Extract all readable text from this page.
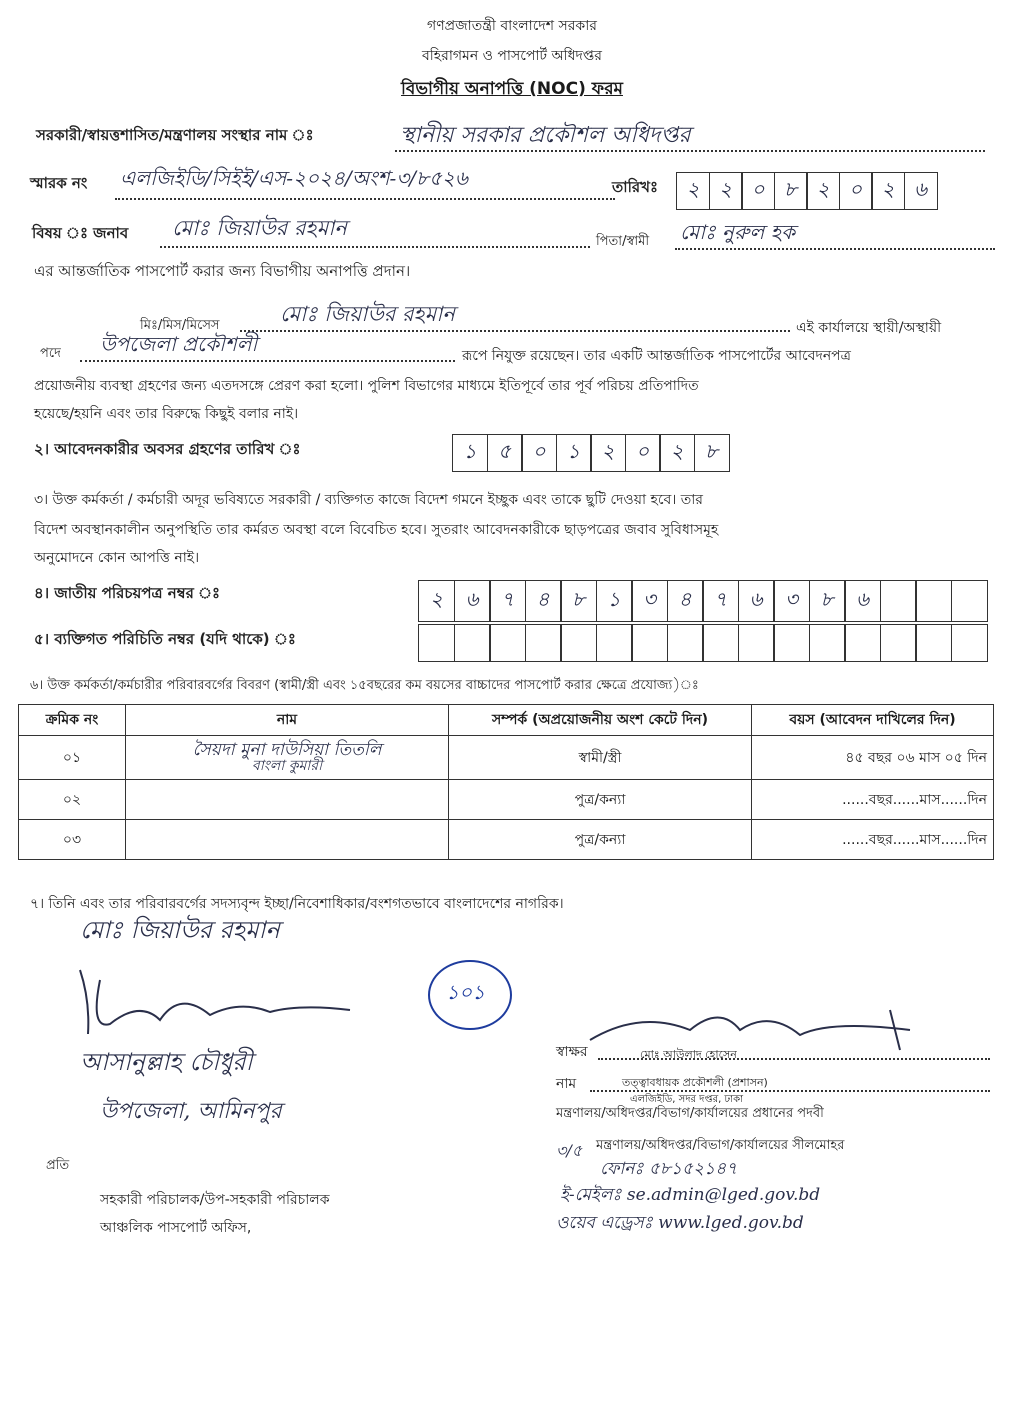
গণপ্রজাতন্ত্রী বাংলাদেশ সরকার
বহিরাগমন ও পাসপোর্ট অধিদপ্তর
বিভাগীয় অনাপত্তি (NOC) ফরম
সরকারী/স্বায়ত্তশাসিত/মন্ত্রণালয় সংস্থার নাম ঃ	স্থানীয় সরকার প্রকৌশল অধিদপ্তর
স্মারক নং এলজিইডি/সিইই/এস-২০২৪/অংশ-৩/৮৫২৬	তারিখঃ	২ ২ ০ ৮ ২ ০ ২ ৬
বিষয় ঃ জনাব মোঃ জিয়াউর রহমান
পিতা/স্বামী মোঃ নুরুল হক
এর আন্তর্জাতিক পাসপোর্ট করার জন্য বিভাগীয় অনাপত্তি প্রদান।
মিঃ/মিস/মিসেস	মোঃ জিয়াউর রহমান
এই কার্যালয়ে স্থায়ী/অস্থায়ী
পদে উপজেলা প্রকৌশলী	রূপে নিযুক্ত রয়েছেন। তার একটি আন্তর্জাতিক পাসপোর্টের আবেদনপত্র
প্রয়োজনীয় ব্যবস্থা গ্রহণের জন্য এতদসঙ্গে প্রেরণ করা হলো। পুলিশ বিভাগের মাধ্যমে ইতিপূর্বে তার পূর্ব পরিচয় প্রতিপাদিত
হয়েছে/হয়নি এবং তার বিরুদ্ধে কিছুই বলার নাই।
২। আবেদনকারীর অবসর গ্রহণের তারিখ ঃ	১	৫	০	১	২	০	২	৮
৩। উক্ত কর্মকর্তা / কর্মচারী অদূর ভবিষ্যতে সরকারী / ব্যক্তিগত কাজে বিদেশ গমনে ইচ্ছুক এবং তাকে ছুটি দেওয়া হবে। তার
বিদেশ অবস্থানকালীন অনুপস্থিতি তার কর্মরত অবস্থা বলে বিবেচিত হবে। সুতরাং আবেদনকারীকে ছাড়পত্রের জবাব সুবিধাসমূহ
অনুমোদনে কোন আপত্তি নাই।
৪। জাতীয় পরিচয়পত্র নম্বর ঃ	২	৬	৭	৪	৮	১	৩	৪	৭	৬	৩	৮	৬
৫। ব্যক্তিগত পরিচিতি নম্বর (যদি থাকে) ঃ
৬। উক্ত কর্মকর্তা/কর্মচারীর পরিবারবর্গের বিবরণ (স্বামী/স্ত্রী এবং ১৫বছরের কম বয়সের বাচ্চাদের পাসপোর্ট করার ক্ষেত্রে প্রযোজ্য)ঃ
ক্রমিক নং	নাম	সম্পর্ক (অপ্রয়োজনীয় অংশ কেটে দিন)	বয়স (আবেদন দাখিলের দিন)
০১	সৈয়দা মুনা দাউসিয়া তিতলি
বাংলা কুমারী	স্বামী/স্ত্রী	৪৫ বছর ০৬ মাস ০৫ দিন
০২		পুত্র/কন্যা	......বছর......মাস......দিন
০৩		পুত্র/কন্যা	......বছর......মাস......দিন
৭। তিনি এবং তার পরিবারবর্গের সদস্যবৃন্দ ইচ্ছা/নিবেশাধিকার/বংশগতভাবে বাংলাদেশের নাগরিক।
মোঃ জিয়াউর রহমান
১০১
আসানুল্লাহ চৌধুরী
উপজেলা, আমিনপুর
প্রতি
সহকারী পরিচালক/উপ-সহকারী পরিচালক
আঞ্চলিক পাসপোর্ট অফিস,
স্বাক্ষর	মোঃ আউলাদ হোসেন
নাম	তত্ত্বাবধায়ক প্রকৌশলী (প্রশাসন)
এলজিইডি, সদর দপ্তর, ঢাকা
মন্ত্রণালয়/অধিদপ্তর/বিভাগ/কার্যালয়ের প্রধানের পদবী
৩/৫ মন্ত্রণালয়/অধিদপ্তর/বিভাগ/কার্যালয়ের সীলমোহর
ফোনঃ ৫৮১৫২১৪৭
ই-মেইলঃ se.admin@lged.gov.bd
ওয়েব এড্রেসঃ www.lged.gov.bd
